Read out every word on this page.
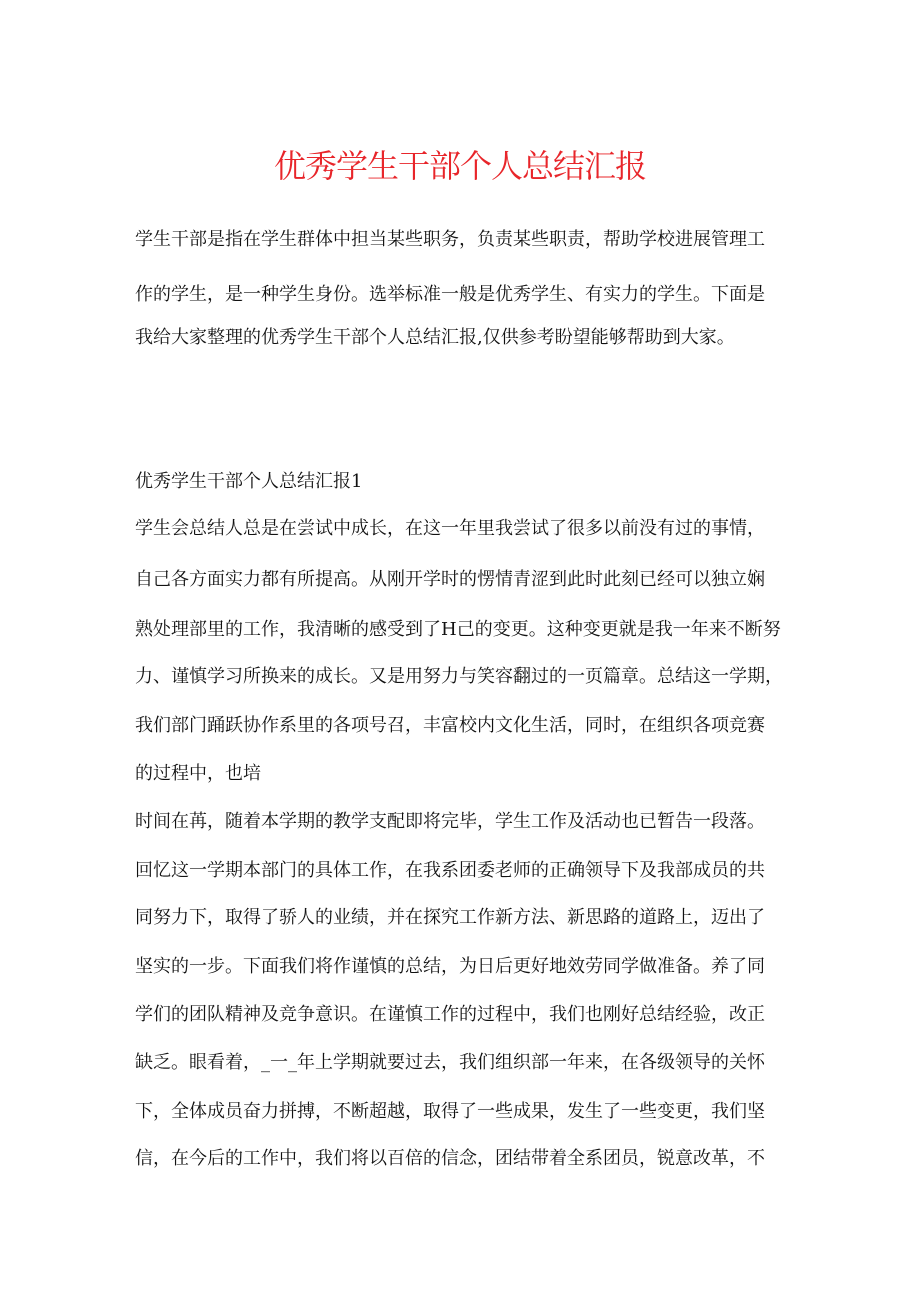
优秀学生干部个人总结汇报

学生干部是指在学生群体中担当某些职务，负责某些职责，帮助学校进展管理工

作的学生，是一种学生身份。选举标准一般是优秀学生、有实力的学生。下面是

我给大家整理的优秀学生干部个人总结汇报,仅供参考盼望能够帮助到大家。

优秀学生干部个人总结汇报1

学生会总结人总是在尝试中成长，在这一年里我尝试了很多以前没有过的事情，

自己各方面实力都有所提高。从刚开学时的愣情青涩到此时此刻已经可以独立娴

熟处理部里的工作，我清晰的感受到了H己的变更。这种变更就是我一年来不断努

力、谨慎学习所换来的成长。又是用努力与笑容翻过的一页篇章。总结这一学期，

我们部门踊跃协作系里的各项号召，丰富校内文化生活，同时，在组织各项竞赛

的过程中，也培

时间在苒，随着本学期的教学支配即将完毕，学生工作及活动也已暂告一段落。

回忆这一学期本部门的具体工作，在我系团委老师的正确领导下及我部成员的共

同努力下，取得了骄人的业绩，并在探究工作新方法、新思路的道路上，迈出了

坚实的一步。下面我们将作谨慎的总结，为日后更好地效劳同学做准备。养了同

学们的团队精神及竞争意识。在谨慎工作的过程中，我们也刚好总结经验，改正

缺乏。眼看着，_一_年上学期就要过去，我们组织部一年来，在各级领导的关怀

下，全体成员奋力拼搏，不断超越，取得了一些成果，发生了一些变更，我们坚

信，在今后的工作中，我们将以百倍的信念，团结带着全系团员，锐意改革，不
